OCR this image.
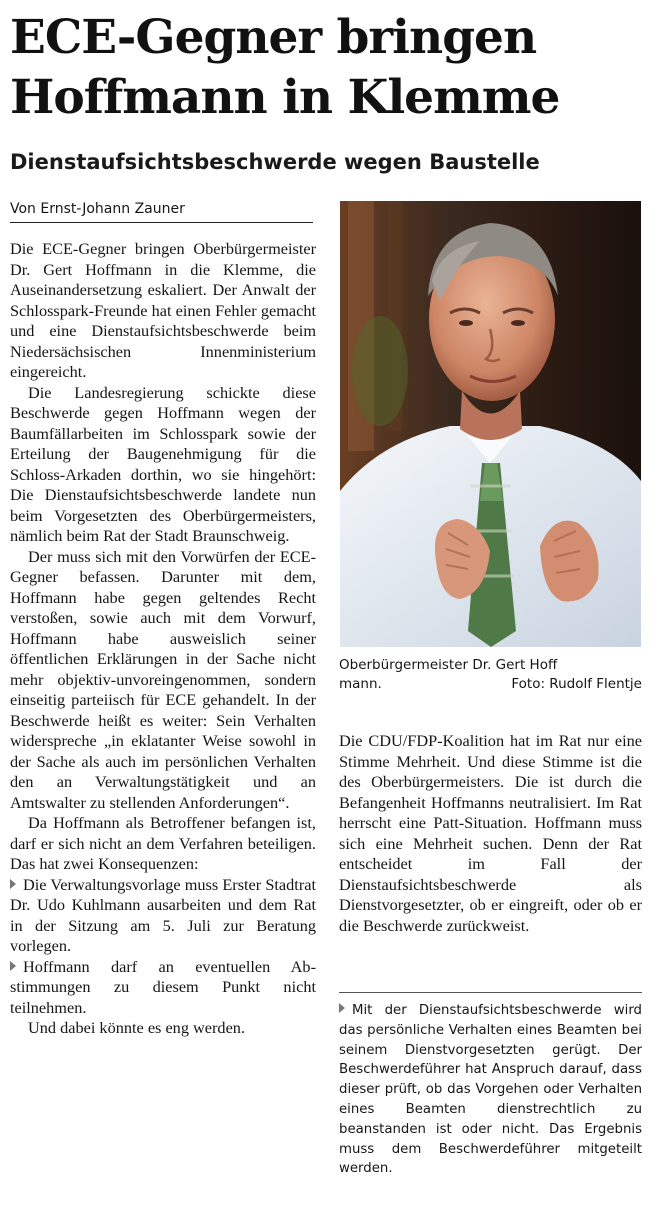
ECE-Gegner bringen
Hoffmann in Klemme
Dienstaufsichtsbeschwerde wegen Baustelle
Von Ernst-Johann Zauner

Die ECE-Gegner bringen Oberbürgermeister Dr. Gert Hoffmann in die Klemme, die Auseinandersetzung eskaliert. Der Anwalt der Schlosspark-Freunde hat einen Fehler gemacht und eine Dienstaufsichtsbeschwerde beim Niedersächsischen Innenministerium eingereicht.

Die Landesregierung schickte diese Beschwerde gegen Hoffmann wegen der Baumfällarbeiten im Schlosspark sowie der Erteilung der Baugenehmigung für die Schloss-Arkaden dorthin, wo sie hingehört: Die Dienstaufsichtsbeschwerde landete nun beim Vorgesetzten des Oberbürgermeisters, nämlich beim Rat der Stadt Braunschweig.

Der muss sich mit den Vorwürfen der ECE-Gegner befassen. Darunter mit dem, Hoffmann habe gegen geltendes Recht verstoßen, sowie auch mit dem Vorwurf, Hoffmann habe ausweislich seiner öffentlichen Erklärungen in der Sache nicht mehr objektiv-unvoreingenommen, sondern einseitig parteiisch für ECE gehandelt. In der Beschwerde heißt es weiter: Sein Verhalten widerspreche „in eklatanter Weise sowohl in der Sache als auch im persönlichen Verhalten den an Verwaltungstätigkeit und an Amtswalter zu stellenden Anforderungen“.

Da Hoffmann als Betroffener befangen ist, darf er sich nicht an dem Verfahren beteiligen. Das hat zwei Konsequenzen:

Die Verwaltungsvorlage muss Erster Stadtrat Dr. Udo Kuhlmann ausarbeiten und dem Rat in der Sitzung am 5. Juli zur Beratung vorlegen.

Hoffmann darf an eventuellen Abstimmungen zu diesem Punkt nicht teilnehmen.

Und dabei könnte es eng werden.

Oberbürgermeister Dr. Gert Hoff
mann.	Foto: Rudolf Flentje

Die CDU/FDP-Koalition hat im Rat nur eine Stimme Mehrheit. Und diese Stimme ist die des Oberbürgermeisters. Die ist durch die Befangenheit Hoffmanns neutralisiert. Im Rat herrscht eine Patt-Situation. Hoffmann muss sich eine Mehrheit suchen. Denn der Rat entscheidet im Fall der Dienstaufsichtsbeschwerde als Dienstvorgesetzter, ob er eingreift, oder ob er die Beschwerde zurückweist.

Mit der Dienstaufsichtsbeschwerde wird das persönliche Verhalten eines Beamten bei seinem Dienstvorgesetzten gerügt. Der Beschwerdeführer hat Anspruch darauf, dass dieser prüft, ob das Vorgehen oder Verhalten eines Beamten dienstrechtlich zu beanstanden ist oder nicht. Das Ergebnis muss dem Beschwerdeführer mitgeteilt werden.
